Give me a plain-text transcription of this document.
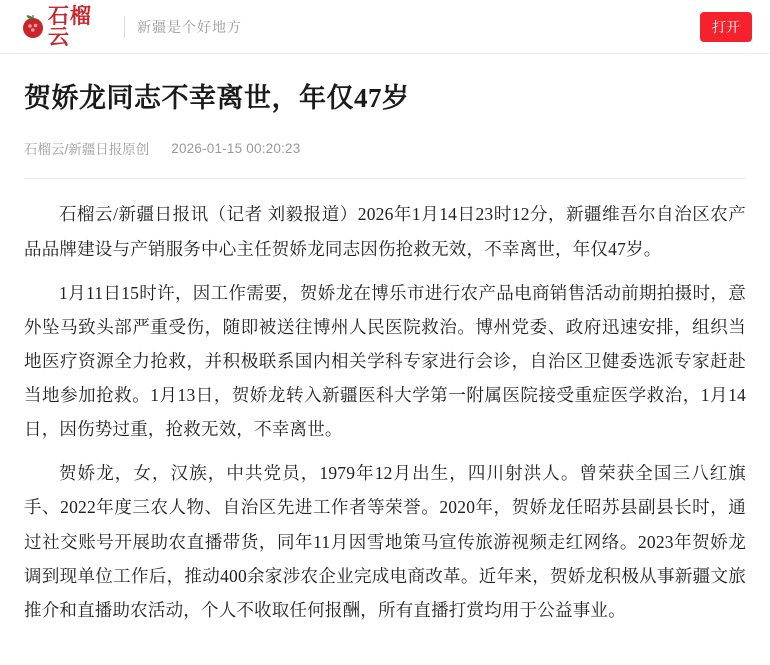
石榴云	新疆是个好地方	打开
贺娇龙同志不幸离世，年仅47岁
石榴云/新疆日报原创 2026-01-15 00:20:23

石榴云/新疆日报讯（记者 刘毅报道）2026年1月14日23时12分，新疆维吾尔自治区农产品品牌建设与产销服务中心主任贺娇龙同志因伤抢救无效，不幸离世，年仅47岁。

1月11日15时许，因工作需要，贺娇龙在博乐市进行农产品电商销售活动前期拍摄时，意外坠马致头部严重受伤，随即被送往博州人民医院救治。博州党委、政府迅速安排，组织当地医疗资源全力抢救，并积极联系国内相关学科专家进行会诊，自治区卫健委选派专家赶赴当地参加抢救。1月13日，贺娇龙转入新疆医科大学第一附属医院接受重症医学救治，1月14日，因伤势过重，抢救无效，不幸离世。

贺娇龙，女，汉族，中共党员，1979年12月出生，四川射洪人。曾荣获全国三八红旗手、2022年度三农人物、自治区先进工作者等荣誉。2020年，贺娇龙任昭苏县副县长时，通过社交账号开展助农直播带货，同年11月因雪地策马宣传旅游视频走红网络。2023年贺娇龙调到现单位工作后，推动400余家涉农企业完成电商改革。近年来，贺娇龙积极从事新疆文旅推介和直播助农活动，个人不收取任何报酬，所有直播打赏均用于公益事业。
